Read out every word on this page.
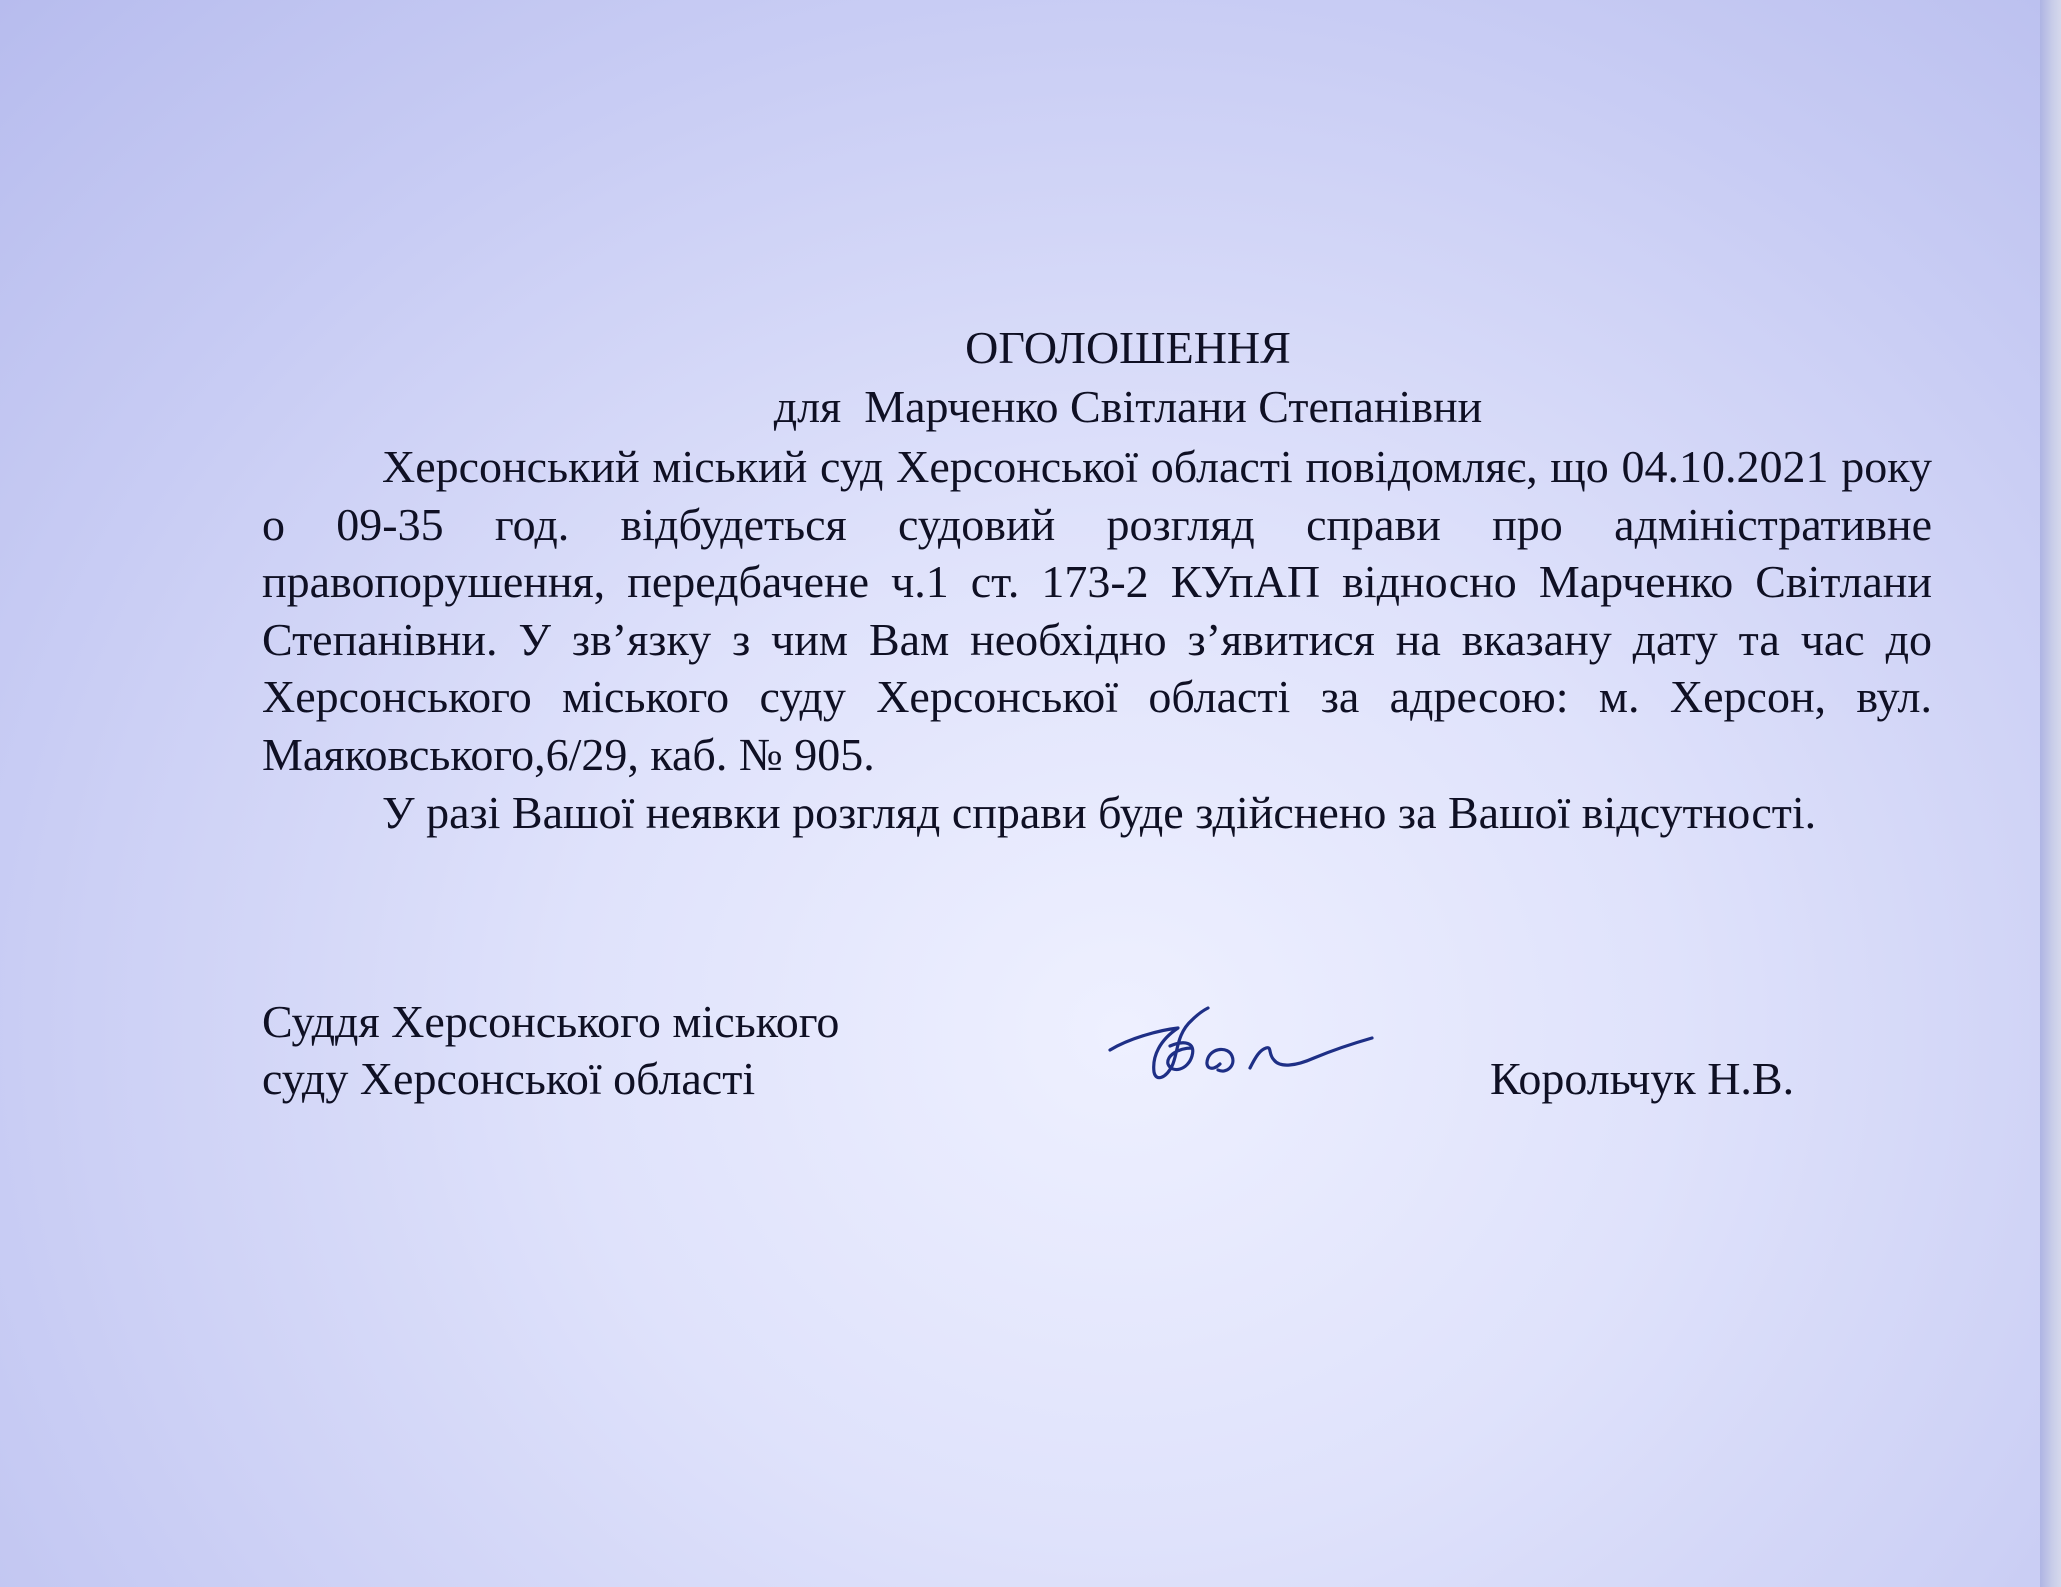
ОГОЛОШЕННЯ

для  Марченко Світлани Степанівни

Херсонський міський суд Херсонської області повідомляє, що 04.10.2021 року о 09-35 год. відбудеться судовий розгляд справи про адміністративне правопорушення, передбачене ч.1 ст. 173-2 КУпАП відносно Марченко Світлани Степанівни. У зв’язку з чим Вам необхідно з’явитися на вказану дату та час до Херсонського міського суду Херсонської області за адресою: м. Херсон, вул. Маяковського,6/29, каб. № 905.

У разі Вашої неявки розгляд справи буде здійснено за Вашої відсутності.

Суддя Херсонського міського
суду Херсонської області	Корольчук Н.В.
